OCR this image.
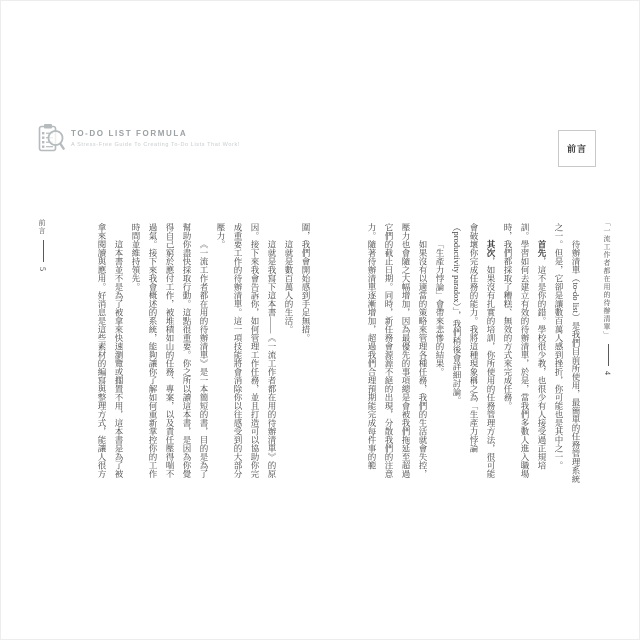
TO-DO LIST FORMULA
A Stress-Free Guide To Creating To-Do Lists That Work!	前言
「一流工作者都在用的待辦清單」4
待辦清單（to-do list）是我們目前所使用，最簡單的任務管理系統
之一。但是，它卻是讓數百萬人感到挫折，你可能也是其中之一。
首先，這不是你的錯。學校很少教，也很少有人接受過正規培
訓。學習如何去建立有效的待辦清單，於是，當我們多數人進入職場
時，我們都採取了糟糕、無效的方式來完成任務。
其次，如果沒有扎實的培訓，你所使用的任務管理方法，很可能
會破壞你完成任務的能力。我將這種現象稱之為「生產力悖論
（productivity paradox）」，我們稍後會詳細討論。
「生產力悖論」會帶來悲慘的結果。
如果沒有以適當的策略來管理各種任務，我們的生活就會失控，
壓力也會隨之大幅增加，因為最優先的事項總是會被我們拖延至超過
它們的截止日期。同時，新任務會源源不絕的出現，分散我們的注意
力。隨著待辦清單逐漸增加，超過我們合理預期能完成每件事的範
圍，我們會開始感到手足無措。
這就是數百萬人的生活。
這就是我寫下這本書——《一流工作者都在用的待辦清單》的原
因。接下來我會告訴你，如何管理工作任務，並且打造可以協助你完
成重要工作的待辦清單。這一項技能將會消除你以往感受到的大部分
壓力。
《一流工作者都在用的待辦清單》是一本簡短的書，目的是為了
幫助你盡快採取行動。這點很重要。你之所以讀這本書，是因為你覺
得自己窮於應付工作，被堆積如山的任務、專案，以及責任壓得喘不
過氣。接下來我會概述的系統，能夠讓你了解如何重新掌控你的工作
時間並維持領先。
這本書並不是為了被拿來快速瀏覽或擱置不用，這本書是為了被
拿來閱讀與應用。好消息是這些素材的編寫與整理方式，能讓人很方
前言5
